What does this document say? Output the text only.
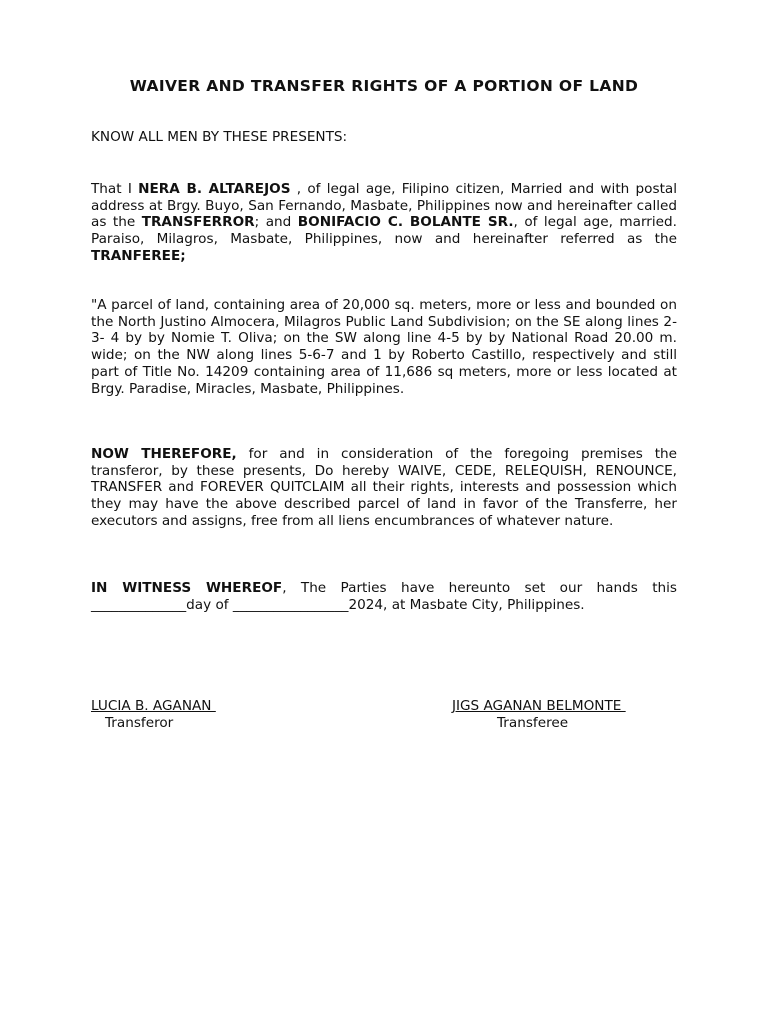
WAIVER AND TRANSFER RIGHTS OF A PORTION OF LAND

KNOW ALL MEN BY THESE PRESENTS:

That I NERA B. ALTAREJOS , of legal age, Filipino citizen, Married and with postal address at Brgy. Buyo, San Fernando, Masbate, Philippines now and hereinafter called as the TRANSFERROR; and BONIFACIO C. BOLANTE SR., of legal age, married. Paraiso, Milagros, Masbate, Philippines, now and hereinafter referred as the TRANFEREE;

"A parcel of land, containing area of 20,000 sq. meters, more or less and bounded on the North Justino Almocera, Milagros Public Land Subdivision; on the SE along lines 2-3- 4 by by Nomie T. Oliva; on the SW along line 4-5 by by National Road 20.00 m. wide; on the NW along lines 5-6-7 and 1 by Roberto Castillo, respectively and still part of Title No. 14209 containing area of 11,686 sq meters, more or less located at Brgy. Paradise, Miracles, Masbate, Philippines.

NOW THEREFORE, for and in consideration of the foregoing premises the transferor, by these presents, Do hereby WAIVE, CEDE, RELEQUISH, RENOUNCE, TRANSFER and FOREVER QUITCLAIM all their rights, interests and possession which they may have the above described parcel of land in favor of the Transferre, her executors and assigns, free from all liens encumbrances of whatever nature.

IN WITNESS WHEREOF, The Parties have hereunto set our hands this ______________day of _________________2024, at Masbate City, Philippines.

LUCIA B. AGANAN
Transferor
JIGS AGANAN BELMONTE
Transferee
